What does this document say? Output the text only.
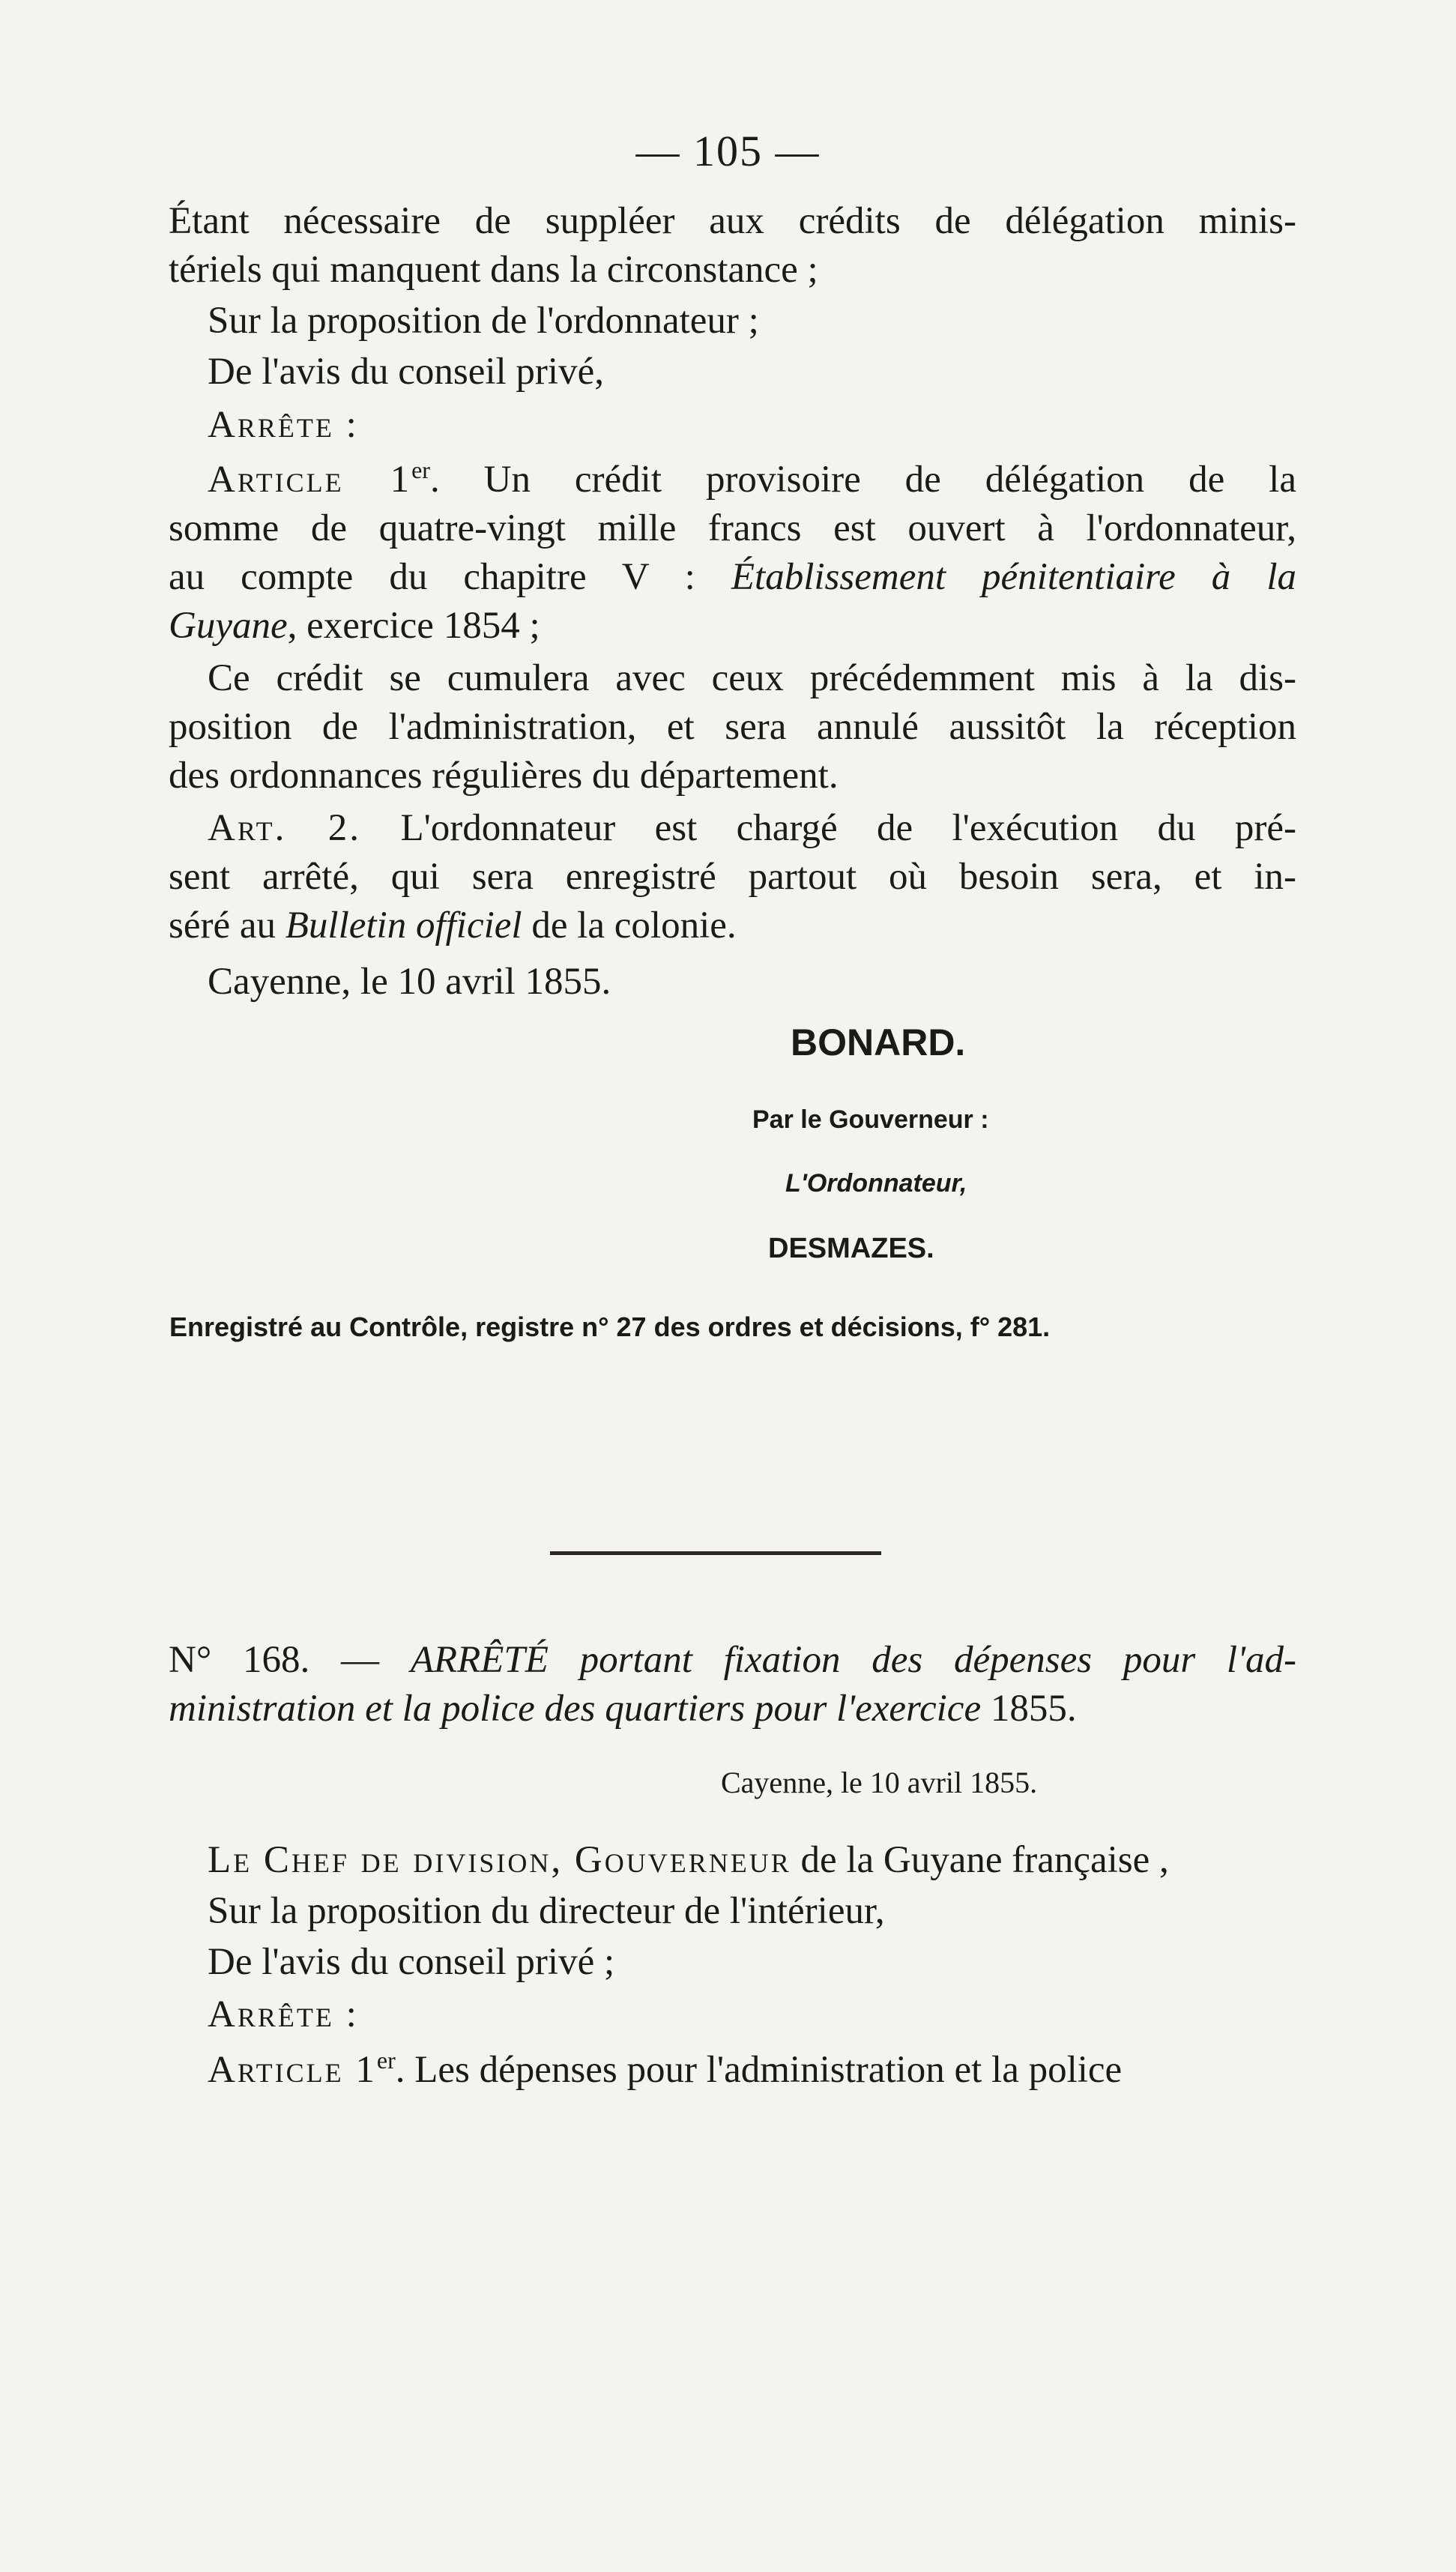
— 105 —
Étant nécessaire de suppléer aux crédits de délégation minis-
tériels qui manquent dans la circonstance ;
Sur la proposition de l'ordonnateur ;
De l'avis du conseil privé,
Arrête :
Article 1er. Un crédit provisoire de délégation de la
somme de quatre-vingt mille francs est ouvert à l'ordonnateur,
au compte du chapitre V : Établissement pénitentiaire à la
Guyane, exercice 1854 ;
Ce crédit se cumulera avec ceux précédemment mis à la dis-
position de l'administration, et sera annulé aussitôt la réception
des ordonnances régulières du département.
Art. 2. L'ordonnateur est chargé de l'exécution du pré-
sent arrêté, qui sera enregistré partout où besoin sera, et in-
séré au Bulletin officiel de la colonie.
Cayenne, le 10 avril 1855.
BONARD.
Par le Gouverneur :
L'Ordonnateur,
DESMAZES.
Enregistré au Contrôle, registre n° 27 des ordres et décisions, f° 281.
N° 168. — ARRÊTÉ portant fixation des dépenses pour l'ad-
ministration et la police des quartiers pour l'exercice 1855.
Cayenne, le 10 avril 1855.
Le Chef de division, Gouverneur de la Guyane française ,
Sur la proposition du directeur de l'intérieur,
De l'avis du conseil privé ;
Arrête :
Article 1er. Les dépenses pour l'administration et la police
